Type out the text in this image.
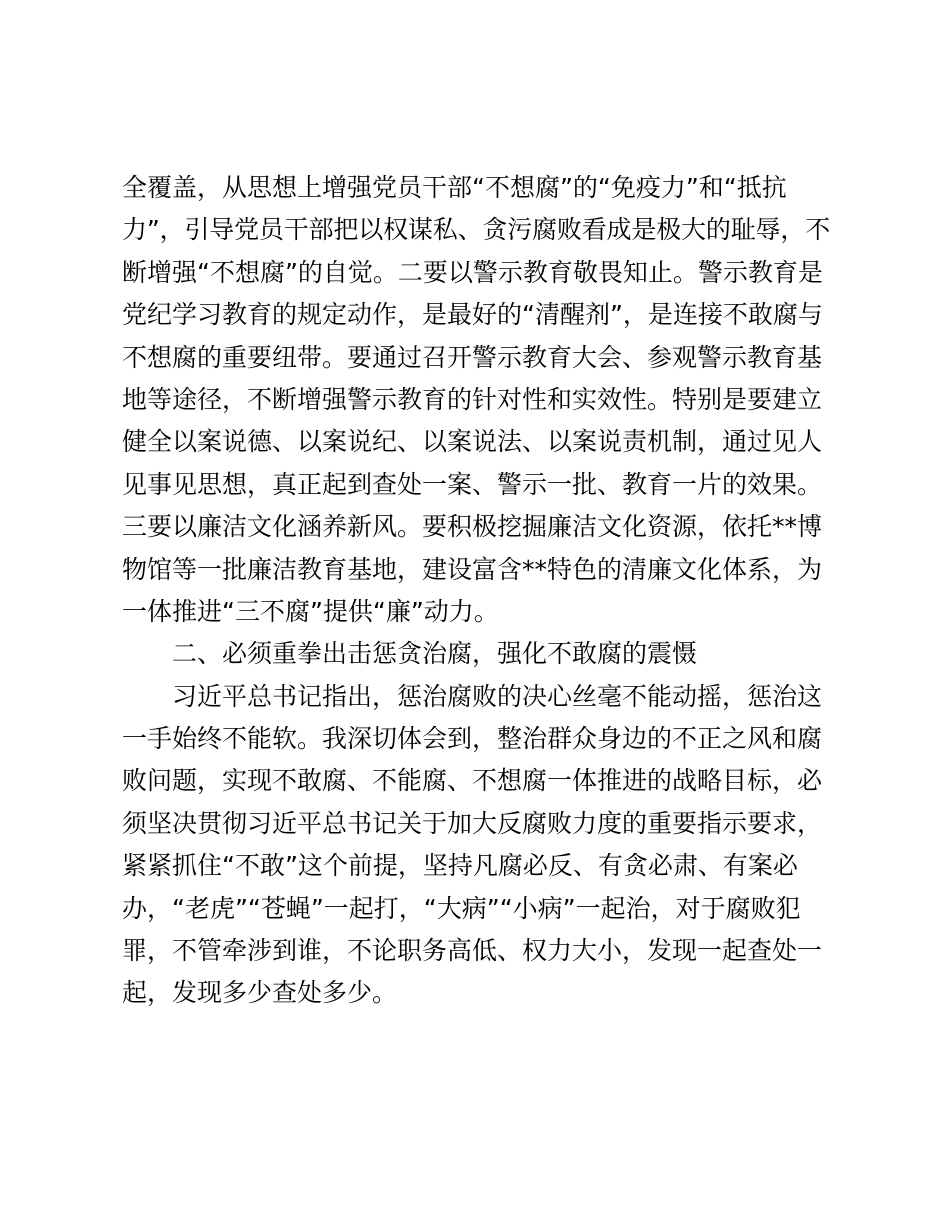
全覆盖，从思想上增强党员干部“不想腐”的“免疫力”和“抵抗
力”，引导党员干部把以权谋私、贪污腐败看成是极大的耻辱，不
断增强“不想腐”的自觉。二要以警示教育敬畏知止。警示教育是
党纪学习教育的规定动作，是最好的“清醒剂”，是连接不敢腐与
不想腐的重要纽带。要通过召开警示教育大会、参观警示教育基
地等途径，不断增强警示教育的针对性和实效性。特别是要建立
健全以案说德、以案说纪、以案说法、以案说责机制，通过见人
见事见思想，真正起到查处一案、警示一批、教育一片的效果。
三要以廉洁文化涵养新风。要积极挖掘廉洁文化资源，依托**博
物馆等一批廉洁教育基地，建设富含**特色的清廉文化体系，为
一体推进“三不腐”提供“廉”动力。
二、必须重拳出击惩贪治腐，强化不敢腐的震慑
习近平总书记指出，惩治腐败的决心丝毫不能动摇，惩治这
一手始终不能软。我深切体会到，整治群众身边的不正之风和腐
败问题，实现不敢腐、不能腐、不想腐一体推进的战略目标，必
须坚决贯彻习近平总书记关于加大反腐败力度的重要指示要求，
紧紧抓住“不敢”这个前提，坚持凡腐必反、有贪必肃、有案必
办，“老虎”“苍蝇”一起打，“大病”“小病”一起治，对于腐败犯
罪，不管牵涉到谁，不论职务高低、权力大小，发现一起查处一
起，发现多少查处多少。
